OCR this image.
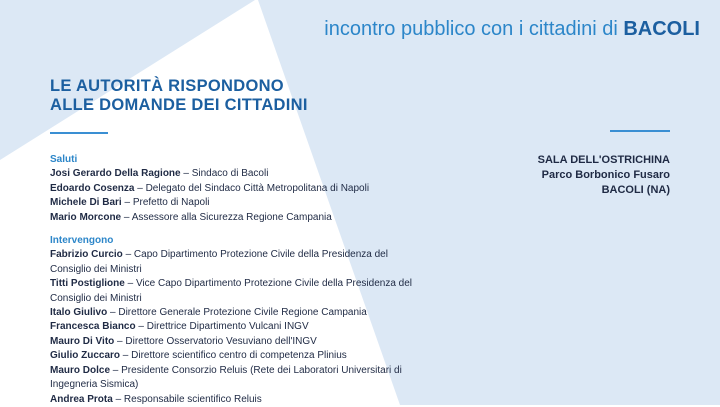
incontro pubblico con i cittadini di BACOLI
LE AUTORITÀ RISPONDONO
ALLE DOMANDE DEI CITTADINI
Saluti
Josi Gerardo Della Ragione – Sindaco di Bacoli
Edoardo Cosenza – Delegato del Sindaco Città Metropolitana di Napoli
Michele Di Bari – Prefetto di Napoli
Mario Morcone – Assessore alla Sicurezza Regione Campania
Intervengono
Fabrizio Curcio – Capo Dipartimento Protezione Civile della Presidenza del Consiglio dei Ministri
Titti Postiglione – Vice Capo Dipartimento Protezione Civile della Presidenza del Consiglio dei Ministri
Italo Giulivo – Direttore Generale Protezione Civile Regione Campania
Francesca Bianco – Direttrice Dipartimento Vulcani INGV
Mauro Di Vito – Direttore Osservatorio Vesuviano dell'INGV
Giulio Zuccaro – Direttore scientifico centro di competenza Plinius
Mauro Dolce – Presidente Consorzio Reluis (Rete dei Laboratori Universitari di Ingegneria Sismica)
Andrea Prota – Responsabile scientifico Reluis
SALA DELL'OSTRICHINA
Parco Borbonico Fusaro
BACOLI (NA)
